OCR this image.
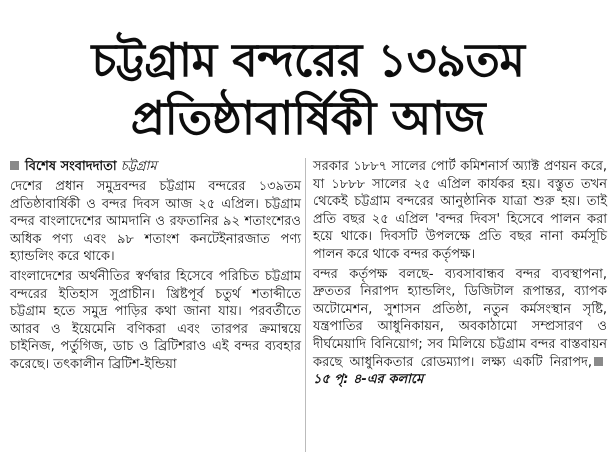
চট্টগ্রাম বন্দরের ১৩৯তম
প্রতিষ্ঠাবার্ষিকী আজ
বিশেষ সংবাদদাতা চট্টগ্রাম

দেশের প্রধান সমুদ্রবন্দর চট্টগ্রাম বন্দরের ১৩৯তম প্রতিষ্ঠাবার্ষিকী ও বন্দর দিবস আজ ২৫ এপ্রিল। চট্টগ্রাম বন্দর বাংলাদেশের আমদানি ও রফতানির ৯২ শতাংশেরও অধিক পণ্য এবং ৯৮ শতাংশ কনটেইনারজাত পণ্য হ্যান্ডলিং করে থাকে।

বাংলাদেশের অর্থনীতির স্বর্ণদ্বার হিসেবে পরিচিত চট্টগ্রাম বন্দরের ইতিহাস সুপ্রাচীন। খ্রিষ্টপূর্ব চতুর্থ শতাব্দীতে চট্টগ্রাম হতে সমুদ্র পাড়ির কথা জানা যায়। পরবর্তীতে আরব ও ইয়েমেনি বণিকরা এবং তারপর ক্রমান্বয়ে চাইনিজ, পর্তুগিজ, ডাচ ও ব্রিটিশরাও এই বন্দর ব্যবহার করেছে। তৎকালীন ব্রিটিশ-ইন্ডিয়া

সরকার ১৮৮৭ সালের পোর্ট কমিশনার্স অ্যাক্ট প্রণয়ন করে, যা ১৮৮৮ সালের ২৫ এপ্রিল কার্যকর হয়। বস্তুত তখন থেকেই চট্টগ্রাম বন্দরের আনুষ্ঠানিক যাত্রা শুরু হয়। তাই প্রতি বছর ২৫ এপ্রিল 'বন্দর দিবস' হিসেবে পালন করা হয়ে থাকে। দিবসটি উপলক্ষে প্রতি বছর নানা কর্মসূচি পালন করে থাকে বন্দর কর্তৃপক্ষ।

বন্দর কর্তৃপক্ষ বলছে- ব্যবসাবান্ধব বন্দর ব্যবস্থাপনা, দ্রুততর নিরাপদ হ্যান্ডলিং, ডিজিটাল রূপান্তর, ব্যাপক অটোমেশন, সুশাসন প্রতিষ্ঠা, নতুন কর্মসংস্থান সৃষ্টি, যন্ত্রপাতির আধুনিকায়ন, অবকাঠামো সম্প্রসারণ ও দীর্ঘমেয়াদি বিনিয়োগ; সব মিলিয়ে চট্টগ্রাম বন্দর বাস্তবায়ন করছে আধুনিকতার রোডম্যাপ। লক্ষ্য একটি নিরাপদ,১৫ পৃ: ৪-এর কলামে
